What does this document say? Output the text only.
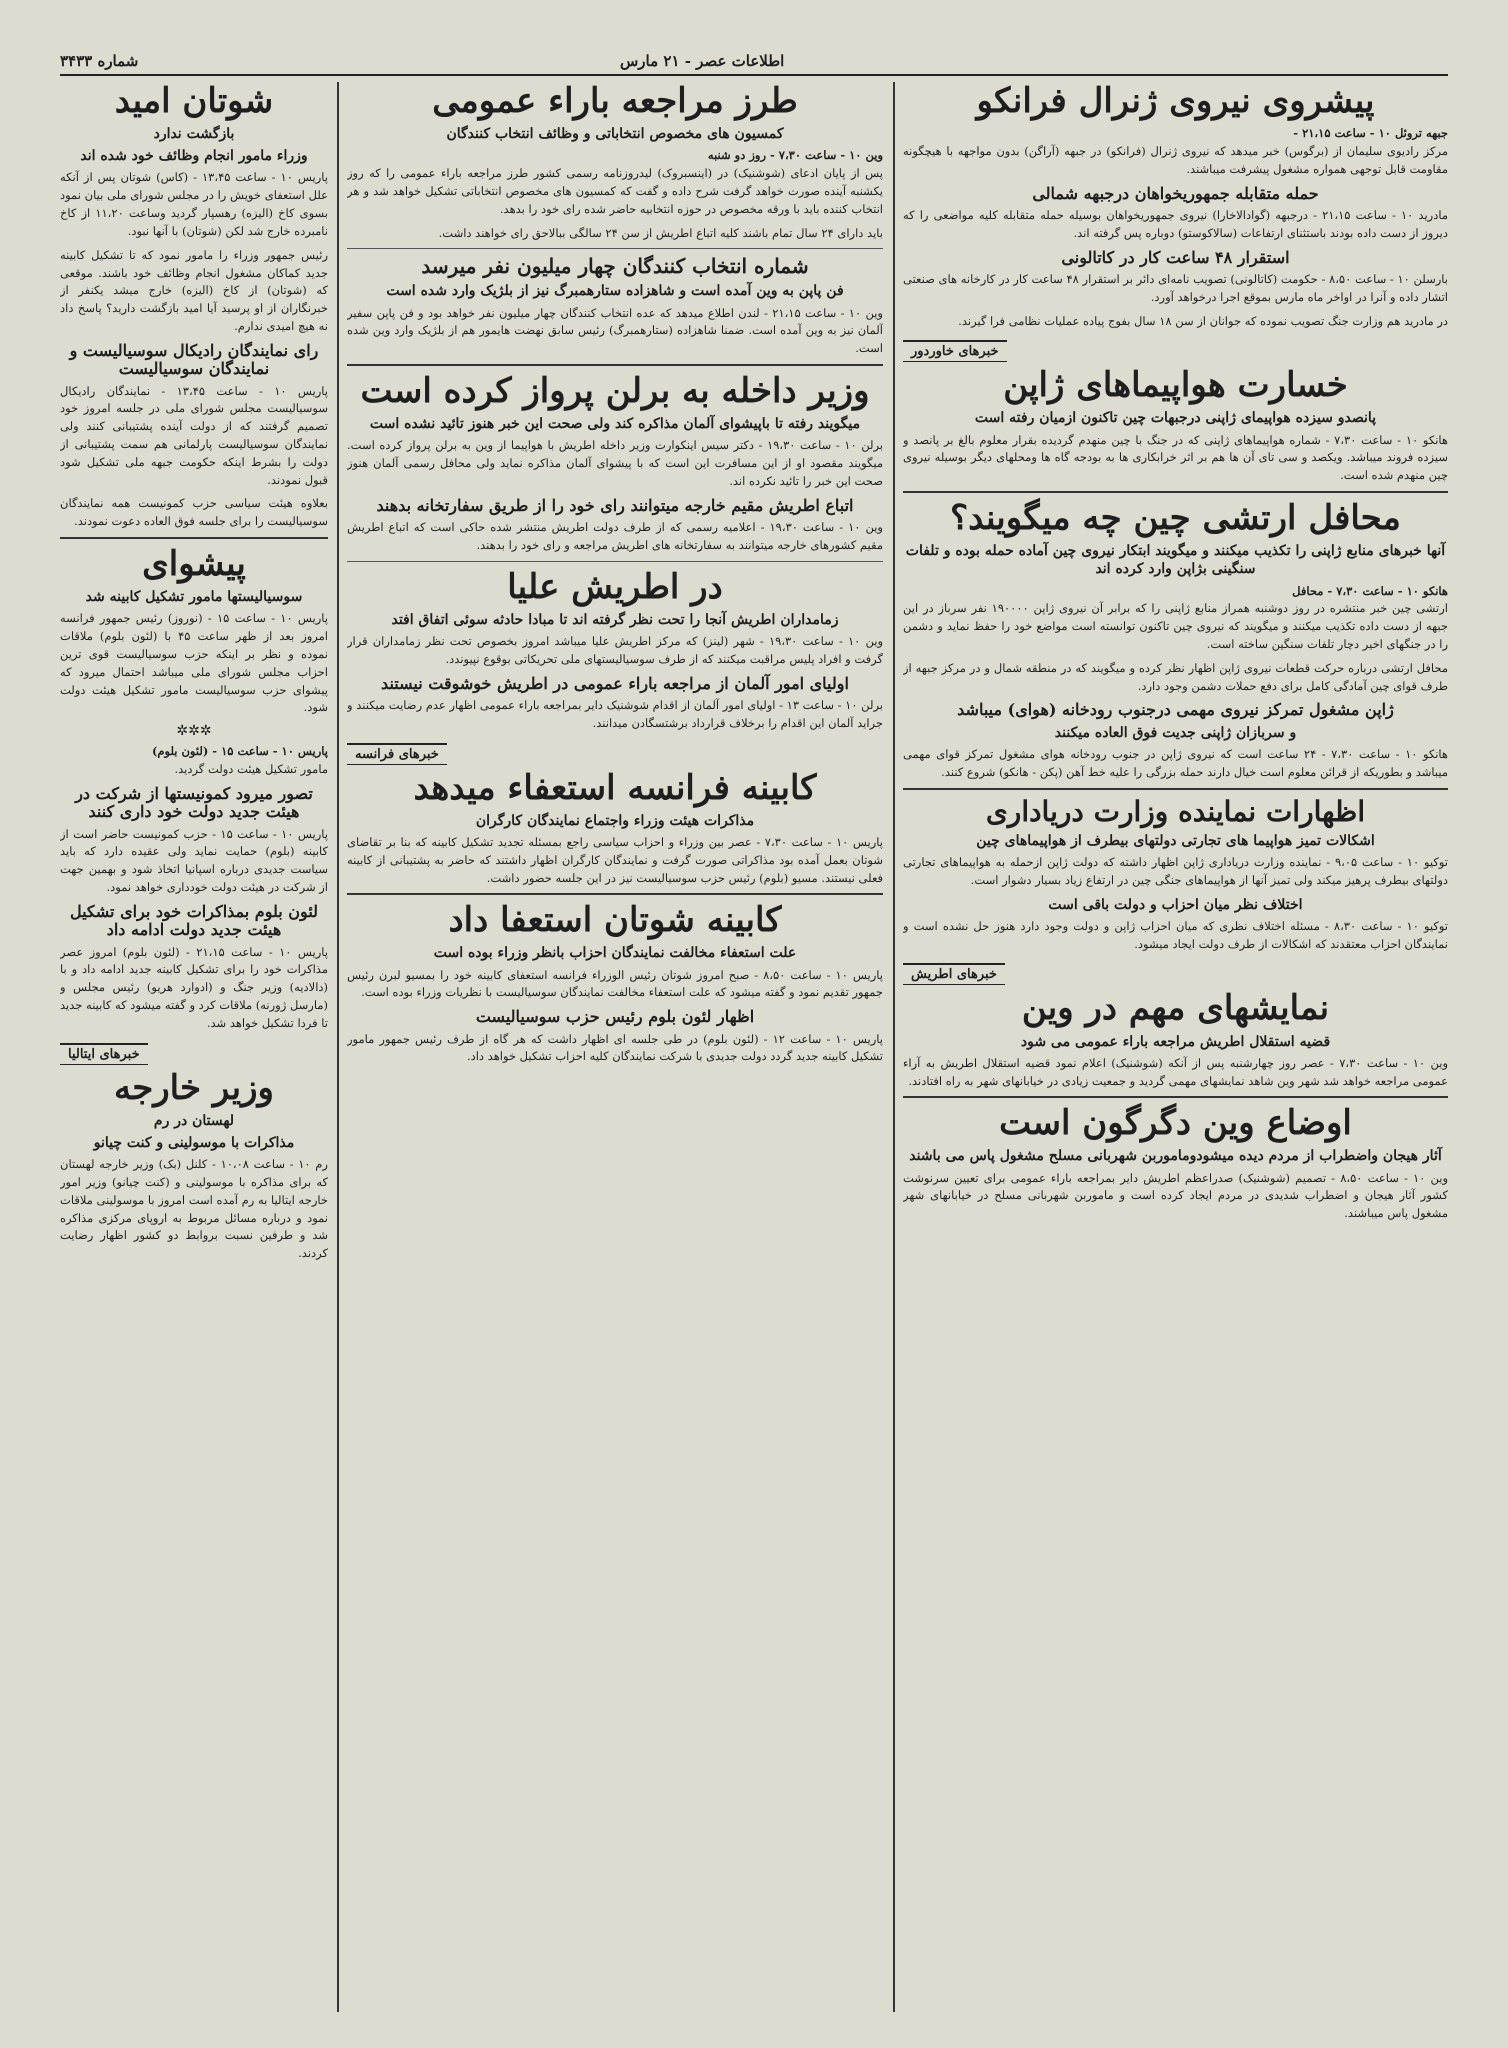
شماره ۳۴۳۳	اطلاعات عصر - ۲۱ مارس
پیشروی نیروی ژنرال فرانکو
جبهه تروئل ۱۰ - ساعت ۲۱،۱۵ -
مرکز رادیوی سلیمان از (برگوس) خبر میدهد که نیروی ژنرال (فرانکو) در جبهه (آراگن) بدون مواجهه با هیچگونه مقاومت قابل توجهی همواره مشغول پیشرفت میباشند.
حمله متقابله جمهوریخواهان درجبهه شمالی
مادرید ۱۰ - ساعت ۲۱،۱۵ - درجبهه (گوادالاخارا) نیروی جمهوریخواهان بوسیله حمله متقابله کلیه مواضعی را که دیروز از دست داده بودند باستثنای ارتفاعات (سالاکوستو) دوباره پس گرفته اند.
استقرار ۴۸ ساعت کار در کاتالونی
بارسلن ۱۰ - ساعت ۸،۵۰ - حکومت (کاتالونی) تصویب نامه‌ای دائر بر استقرار ۴۸ ساعت کار در کارخانه های صنعتی اتشار داده و آنرا در اواخر ماه مارس بموقع اجرا درخواهد آورد.
در مادرید هم وزارت جنگ تصویب نموده که جوانان از سن ۱۸ سال بفوج پیاده عملیات نظامی فرا گیرند.
خبرهای خاوردور
خسارت هواپیماهای ژاپن
پانصدو سیزده هواپیمای ژاپنی درجبهات چین تاکنون ازمیان رفته است
هانکو ۱۰ - ساعت ۷،۳۰ - شماره هواپیماهای ژاپنی که در جنگ با چین منهدم گردیده بقرار معلوم بالغ بر پانصد و سیزده فروند میباشد. ویکصد و سی تای آن ها هم بر اثر خرابکاری ها به بودجه گاه ها ومحلهای دیگر بوسیله نیروی چین منهدم شده است.
محافل ارتشی چین چه میگویند؟
آنها خبرهای منابع ژاپنی را تکذیب میکنند و میگویند ابتکار نیروی چین آماده حمله بوده و تلفات سنگینی بژاپن وارد کرده اند
هانکو ۱۰ - ساعت ۷،۳۰ - محافل
ارتشی چین خبر منتشره در روز دوشنبه همراز منابع ژاپنی را که برابر آن نیروی ژاپن ۱۹۰۰۰۰ نفر سرباز در این جبهه از دست داده تکذیب میکنند و میگویند که نیروی چین تاکنون توانسته است مواضع خود را حفظ نماید و دشمن را در جنگهای اخیر دچار تلفات سنگین ساخته است.
محافل ارتشی درباره حرکت قطعات نیروی ژاپن اظهار نظر کرده و میگویند که در منطقه شمال و در مرکز جبهه از طرف قوای چین آمادگی کامل برای دفع حملات دشمن وجود دارد.
ژاپن مشغول تمرکز نیروی مهمی درجنوب رودخانه (هوای) میباشد
و سربازان ژاپنی جدیت فوق العاده میکنند
هانکو ۱۰ - ساعت ۷،۳۰ - ۲۴ ساعت است که نیروی ژاپن در جنوب رودخانه هوای مشغول تمرکز قوای مهمی میباشد و بطوریکه از قرائن معلوم است خیال دارند حمله بزرگی را علیه خط آهن (پکن - هانکو) شروع کنند.
اظهارات نماینده وزارت دریاداری
اشکالات تمیز هواپیما های تجارتی دولتهای بیطرف از هواپیماهای چین
توکیو ۱۰ - ساعت ۹،۰۵ - نماینده وزارت دریاداری ژاپن اظهار داشته که دولت ژاپن ازحمله به هواپیماهای تجارتی دولتهای بیطرف پرهیز میکند ولی تمیز آنها از هواپیماهای جنگی چین در ارتفاع زیاد بسیار دشوار است.
اختلاف نظر میان احزاب و دولت باقی است
توکیو ۱۰ - ساعت ۸،۳۰ - مسئله اختلاف نظری که میان احزاب ژاپن و دولت وجود دارد هنوز حل نشده است و نمایندگان احزاب معتقدند که اشکالات از طرف دولت ایجاد میشود.
خبرهای اطریش
نمایشهای مهم در وین
قضیه استقلال اطریش مراجعه باراء عمومی می شود
وین ۱۰ - ساعت ۷،۳۰ - عصر روز چهارشنبه پس از آنکه (شوشنیک) اعلام نمود قضیه استقلال اطریش به آراء عمومی مراجعه خواهد شد شهر وین شاهد نمایشهای مهمی گردید و جمعیت زیادی در خیابانهای شهر به راه افتادند.
اوضاع وین دگرگون است
آثار هیجان واضطراب از مردم دیده میشودوماموربن شهربانی مسلح مشغول پاس می باشند
وین ۱۰ - ساعت ۸،۵۰ - تصمیم (شوشنیک) صدراعظم اطریش دایر بمراجعه باراء عمومی برای تعیین سرنوشت کشور آثار هیجان و اضطراب شدیدی در مردم ایجاد کرده است و ماموربن شهربانی مسلح در خیابانهای شهر مشغول پاس میباشند.
طرز مراجعه باراء عمومی
کمسیون های مخصوص انتخاباتی و وظائف انتخاب کنندگان
وین ۱۰ - ساعت ۷،۳۰ - روز دو شنبه
پس از پایان ادعای (شوشنیک) در (اینسبروک) لیدروزنامه رسمی کشور طرز مراجعه باراء عمومی را که روز یکشنبه آینده صورت خواهد گرفت شرح داده و گفت که کمسیون های مخصوص انتخاباتی تشکیل خواهد شد و هر انتخاب کننده باید با ورقه مخصوص در حوزه انتخابیه حاضر شده رای خود را بدهد.
باید دارای ۲۴ سال تمام باشند کلیه اتباع اطریش از سن ۲۴ سالگی ببالاحق رای خواهند داشت.
شماره انتخاب کنندگان چهار میلیون نفر میرسد
فن پاپن به وین آمده است و شاهزاده ستارهمبرگ نیز از بلژیک وارد شده است
وین ۱۰ - ساعت ۲۱،۱۵ - لندن اطلاع میدهد که عده انتخاب کنندگان چهار میلیون نفر خواهد بود و فن پاپن سفیر آلمان نیز به وین آمده است. ضمنا شاهزاده (ستارهمبرگ) رئیس سابق نهضت هایمور هم از بلژیک وارد وین شده است.
وزیر داخله به برلن پرواز کرده است
میگویند رفته تا باپیشوای آلمان مذاکره کند ولی صحت این خبر هنوز تائید نشده است
برلن ۱۰ - ساعت ۱۹،۳۰ - دکتر سیس اینکوارت وزیر داخله اطریش با هواپیما از وین به برلن پرواز کرده است. میگویند مقصود او از این مسافرت این است که با پیشوای آلمان مذاکره نماید ولی محافل رسمی آلمان هنوز صحت این خبر را تائید نکرده اند.
اتباع اطریش مقیم خارجه میتوانند رای خود را از طریق سفارتخانه بدهند
وین ۱۰ - ساعت ۱۹،۳۰ - اعلامیه رسمی که از طرف دولت اطریش منتشر شده حاکی است که اتباع اطریش مقیم کشورهای خارجه میتوانند به سفارتخانه های اطریش مراجعه و رای خود را بدهند.
در اطریش علیا
زمامداران اطریش آنجا را تحت نظر گرفته اند تا مبادا حادثه سوئی اتفاق افتد
وین ۱۰ - ساعت ۱۹،۳۰ - شهر (لینز) که مرکز اطریش علیا میباشد امروز بخصوص تحت نظر زمامداران قرار گرفت و افراد پلیس مراقبت میکنند که از طرف سوسیالیستهای ملی تحریکاتی بوقوع نپیوندد.
اولیای امور آلمان از مراجعه باراء عمومی در اطریش خوشوقت نیستند
برلن ۱۰ - ساعت ۱۳ - اولیای امور آلمان از اقدام شوشنیک دایر بمراجعه باراء عمومی اظهار عدم رضایت میکنند و جراید آلمان این اقدام را برخلاف قرارداد برشتسگادن میدانند.
خبرهای فرانسه
کابینه فرانسه استعفاء میدهد
مذاکرات هیئت وزراء واجتماع نمایندگان کارگران
پاریس ۱۰ - ساعت ۷،۳۰ - عصر بین وزراء و احزاب سیاسی راجع بمسئله تجدید تشکیل کابینه که بنا بر تقاضای شوتان بعمل آمده بود مذاکراتی صورت گرفت و نمایندگان کارگران اظهار داشتند که حاضر به پشتیبانی از کابینه فعلی نیستند. مسیو (بلوم) رئیس حزب سوسیالیست نیز در این جلسه حضور داشت.
کابینه شوتان استعفا داد
علت استعفاء مخالفت نمایندگان احزاب بانظر وزراء بوده است
پاریس ۱۰ - ساعت ۸،۵۰ - صبح امروز شوتان رئیس الوزراء فرانسه استعفای کابینه خود را بمسیو لبرن رئیس جمهور تقدیم نمود و گفته میشود که علت استعفاء مخالفت نمایندگان سوسیالیست با نظریات وزراء بوده است.
اظهار لئون بلوم رئیس حزب سوسیالیست
پاریس ۱۰ - ساعت ۱۲ - (لئون بلوم) در طی جلسه ای اظهار داشت که هر گاه از طرف رئیس جمهور مامور تشکیل کابینه جدید گردد دولت جدیدی با شرکت نمایندگان کلیه احزاب تشکیل خواهد داد.
شوتان امید
بازگشت ندارد
وزراء مامور انجام وظائف خود شده اند
پاریس ۱۰ - ساعت ۱۳،۴۵ - (کاس) شوتان پس از آنکه علل استعفای خویش را در مجلس شورای ملی بیان نمود بسوی کاخ (الیزه) رهسپار گردید وساعت ۱۱،۲۰ از کاخ نامبرده خارج شد لکن (شوتان) با آنها نبود.
رئیس جمهور وزراء را مامور نمود که تا تشکیل کابینه جدید کماکان مشغول انجام وظائف خود باشند. موقعی که (شوتان) از کاخ (الیزه) خارج میشد یکنفر از خبرنگاران از او پرسید آیا امید بازگشت دارید؟ پاسخ داد نه هیچ امیدی ندارم.
رای نمایندگان رادیکال سوسیالیست و نمایندگان سوسیالیست
پاریس ۱۰ - ساعت ۱۳،۴۵ - نمایندگان رادیکال سوسیالیست مجلس شورای ملی در جلسه امروز خود تصمیم گرفتند که از دولت آینده پشتیبانی کنند ولی نمایندگان سوسیالیست پارلمانی هم سمت پشتیبانی از دولت را بشرط اینکه حکومت جبهه ملی تشکیل شود قبول نمودند.
بعلاوه هیئت سیاسی حزب کمونیست همه نمایندگان سوسیالیست را برای جلسه فوق العاده دعوت نمودند.
پیشوای
سوسیالیستها مامور تشکیل کابینه شد
پاریس ۱۰ - ساعت ۱۵ - (نوروز) رئیس جمهور فرانسه امروز بعد از ظهر ساعت ۴۵ با (لئون بلوم) ملاقات نموده و نظر بر اینکه حزب سوسیالیست قوی ترین احزاب مجلس شورای ملی میباشد احتمال میرود که پیشوای حزب سوسیالیست مامور تشکیل هیئت دولت شود.
✲✲✲
پاریس ۱۰ - ساعت ۱۵ - (لئون بلوم)
مامور تشکیل هیئت دولت گردید.
تصور میرود کمونیستها از شرکت در هیئت جدید دولت خود داری کنند
پاریس ۱۰ - ساعت ۱۵ - حزب کمونیست حاضر است از کابینه (بلوم) حمایت نماید ولی عقیده دارد که باید سیاست جدیدی درباره اسپانیا اتخاذ شود و بهمین جهت از شرکت در هیئت دولت خودداری خواهد نمود.
لئون بلوم بمذاکرات خود برای تشکیل هیئت جدید دولت ادامه داد
پاریس ۱۰ - ساعت ۲۱،۱۵ - (لئون بلوم) امروز عصر مذاکرات خود را برای تشکیل کابینه جدید ادامه داد و با (دالادیه) وزیر جنگ و (ادوارد هریو) رئیس مجلس و (مارسل ژورنه) ملاقات کرد و گفته میشود که کابینه جدید تا فردا تشکیل خواهد شد.
خبرهای ایتالیا
وزیر خارجه
لهستان در رم
مذاکرات با موسولینی و کنت چیانو
رم ۱۰ - ساعت ۱۰،۰۸ - کلنل (بک) وزیر خارجه لهستان که برای مذاکره با موسولینی و (کنت چیانو) وزیر امور خارجه ایتالیا به رم آمده است امروز با موسولینی ملاقات نمود و درباره مسائل مربوط به اروپای مرکزی مذاکره شد و طرفین نسبت بروابط دو کشور اظهار رضایت کردند.
